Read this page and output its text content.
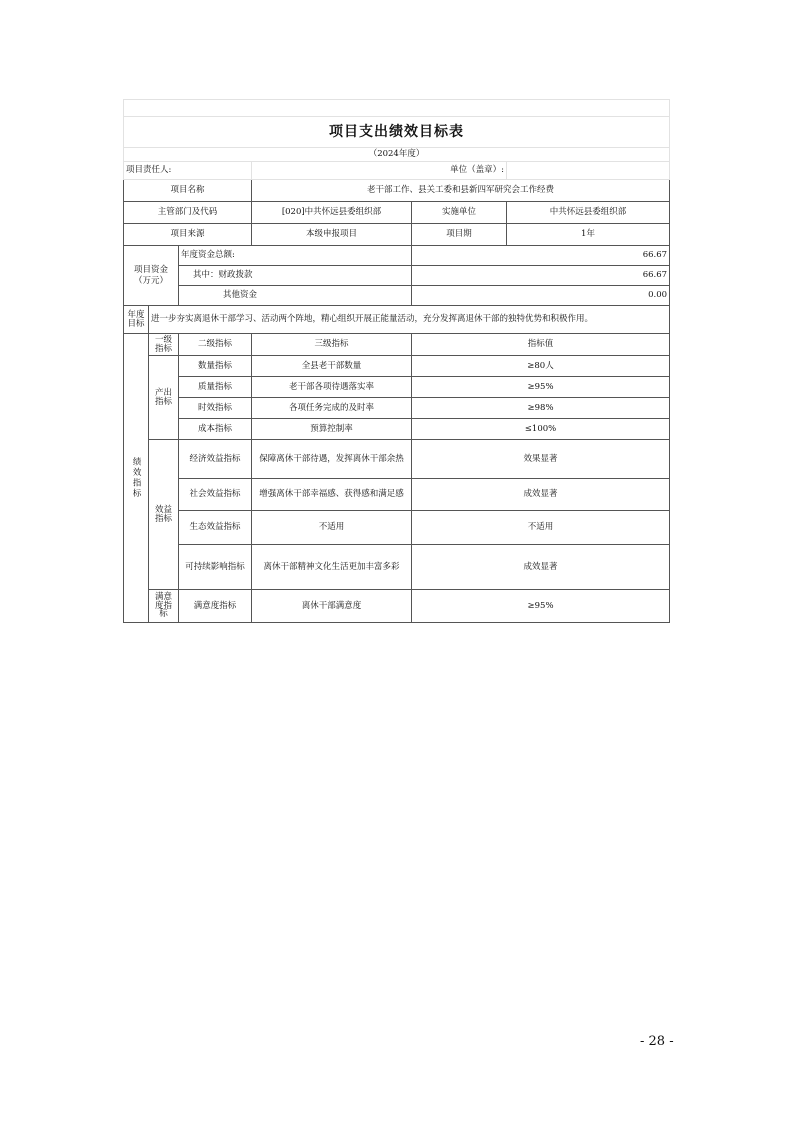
项目支出绩效目标表					
（2024年度）					
项目责任人:			单位（盖章）:		
项目名称			老干部工作、县关工委和县新四军研究会工作经费		
主管部门及代码			[020]中共怀远县委组织部	实施单位	中共怀远县委组织部
项目来源			本级申报项目	项目期	1年
项目资金（万元）		年度资金总额:		66.67	
		其中：财政拨款		66.67	
		其他资金		0.00	
年度目标	进一步夯实离退休干部学习、活动两个阵地，精心组织开展正能量活动，充分发挥离退休干部的独特优势和积极作用。				
绩效指标	一级指标	二级指标	三级指标	指标值	
	产出指标	数量指标	全县老干部数量	≥80人	
		质量指标	老干部各项待遇落实率	≥95%	
		时效指标	各项任务完成的及时率	≥98%	
		成本指标	预算控制率	≤100%	
	效益指标	经济效益指标	保障离休干部待遇，发挥离休干部余热	效果显著	
		社会效益指标	增强离休干部幸福感、获得感和满足感	成效显著	
		生态效益指标	不适用	不适用	
		可持续影响指标	离休干部精神文化生活更加丰富多彩	成效显著	
	满意度指标	满意度指标	离休干部满意度	≥95%	
- 28 -
